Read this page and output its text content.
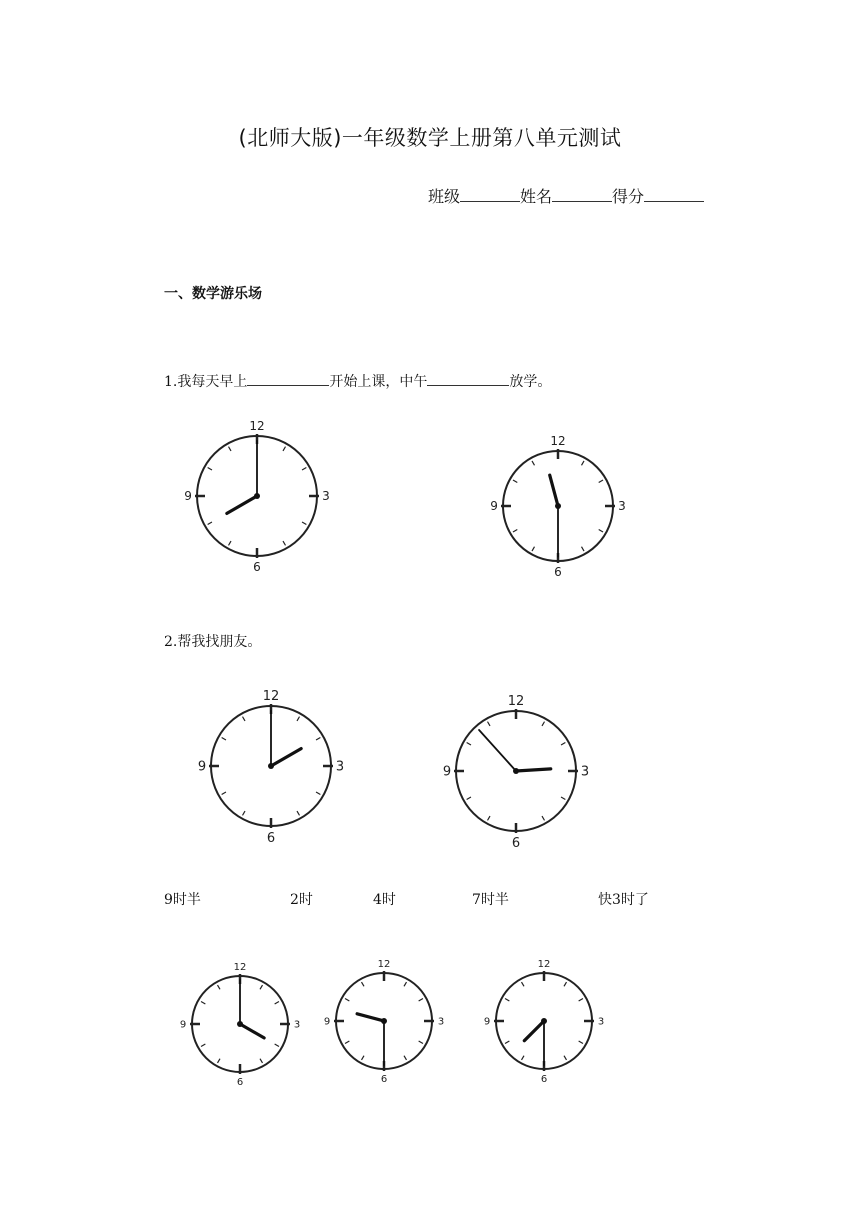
(北师大版)一年级数学上册第八单元测试
班级	姓名	得分
一、数学游乐场
1.我每天早上	开始上课，中午	放学。
12
3
6
9
12
3
6
9
2.帮我找朋友。
12
3
6
9
12
3
6
9
9时半	2时	4时	7时半	快3时了
12
3
6
9
12
3
6
9
12
3
6
9
